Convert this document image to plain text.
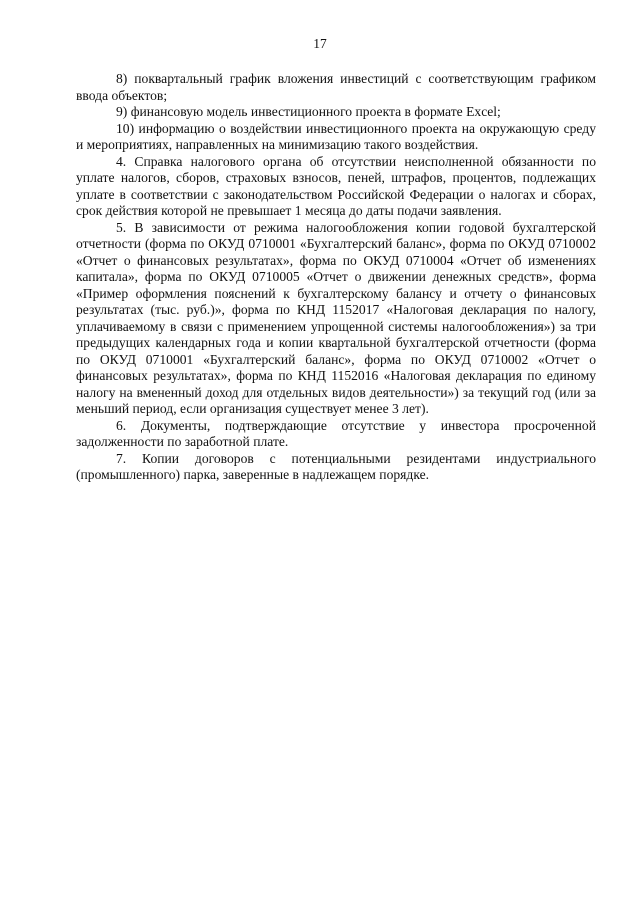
17

8) поквартальный график вложения инвестиций с соответствующим графиком ввода объектов;

9) финансовую модель инвестиционного проекта в формате Excel;

10) информацию о воздействии инвестиционного проекта на окружающую среду и мероприятиях, направленных на минимизацию такого воздействия.

4. Справка налогового органа об отсутствии неисполненной обязанности по уплате налогов, сборов, страховых взносов, пеней, штрафов, процентов, подлежащих уплате в соответствии с законодательством Российской Федерации о налогах и сборах, срок действия которой не превышает 1 месяца до даты подачи заявления.

5. В зависимости от режима налогообложения копии годовой бухгалтерской отчетности (форма по ОКУД 0710001 «Бухгалтерский баланс», форма по ОКУД 0710002 «Отчет о финансовых результатах», форма по ОКУД 0710004 «Отчет об изменениях капитала», форма по ОКУД 0710005 «Отчет о движении денежных средств», форма «Пример оформления пояснений к бухгалтерскому балансу и отчету о финансовых результатах (тыс. руб.)», форма по КНД 1152017 «Налоговая декларация по налогу, уплачиваемому в связи с применением упрощенной системы налогообложения») за три предыдущих календарных года и копии квартальной бухгалтерской отчетности (форма по ОКУД 0710001 «Бухгалтерский баланс», форма по ОКУД 0710002 «Отчет о финансовых результатах», форма по КНД 1152016 «Налоговая декларация по единому налогу на вмененный доход для отдельных видов деятельности») за текущий год (или за меньший период, если организация существует менее 3 лет).

6. Документы, подтверждающие отсутствие у инвестора просроченной задолженности по заработной плате.

7. Копии договоров с потенциальными резидентами индустриального (промышленного) парка, заверенные в надлежащем порядке.
